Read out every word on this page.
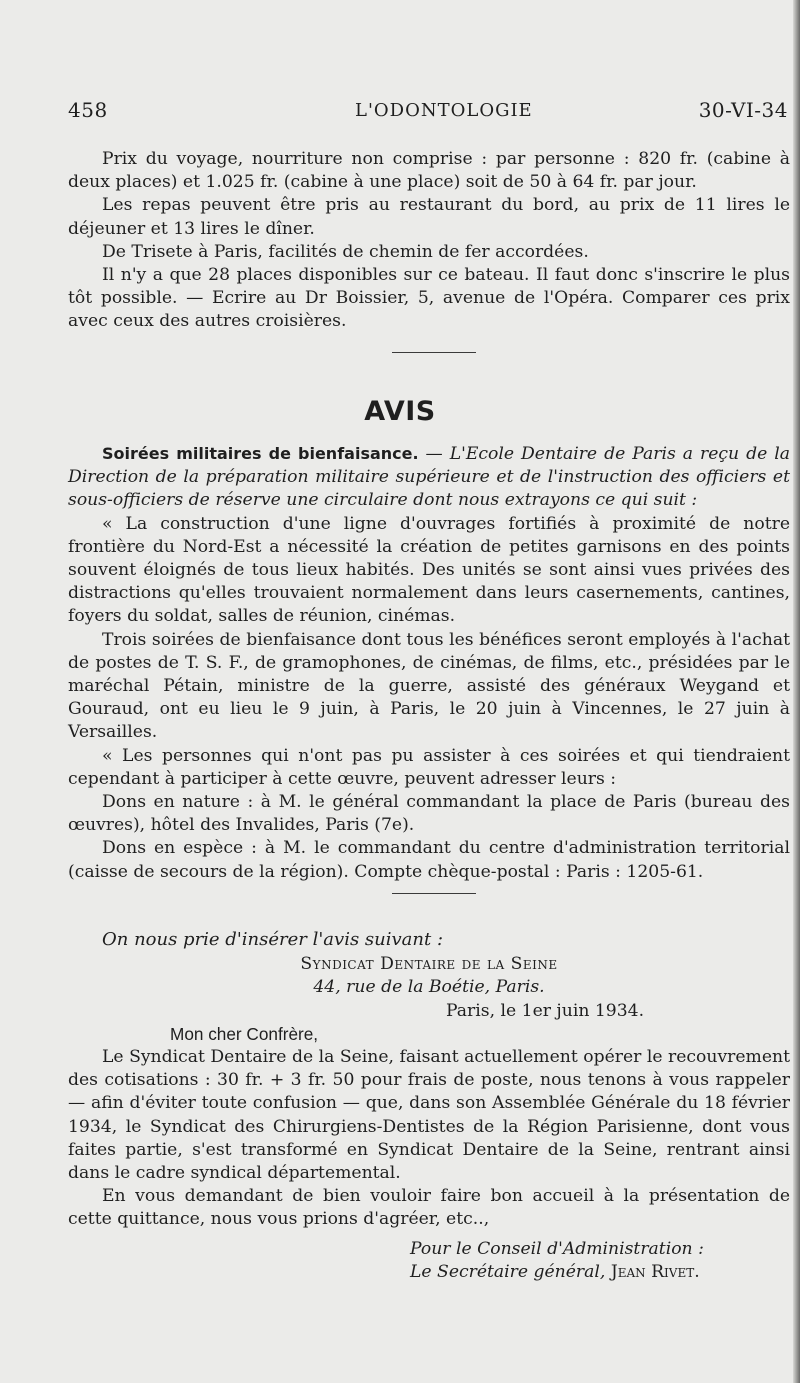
458	L'ODONTOLOGIE	30-VI-34

Prix du voyage, nourriture non comprise : par personne : 820 fr. (cabine à deux places) et 1.025 fr. (cabine à une place) soit de 50 à 64 fr. par jour.

Les repas peuvent être pris au restaurant du bord, au prix de 11 lires le déjeuner et 13 lires le dîner.

De Trisete à Paris, facilités de chemin de fer accordées.

Il n'y a que 28 places disponibles sur ce bateau. Il faut donc s'inscrire le plus tôt possible. — Ecrire au Dr Boissier, 5, avenue de l'Opéra. Comparer ces prix avec ceux des autres croisières.

AVIS

Soirées militaires de bienfaisance. — L'Ecole Dentaire de Paris a reçu de la Direction de la préparation militaire supérieure et de l'instruction des officiers et sous-officiers de réserve une circulaire dont nous extrayons ce qui suit :

« La construction d'une ligne d'ouvrages fortifiés à proximité de notre frontière du Nord-Est a nécessité la création de petites garnisons en des points souvent éloignés de tous lieux habités. Des unités se sont ainsi vues privées des distractions qu'elles trouvaient normalement dans leurs casernements, cantines, foyers du soldat, salles de réunion, cinémas.

Trois soirées de bienfaisance dont tous les bénéfices seront employés à l'achat de postes de T. S. F., de gramophones, de cinémas, de films, etc., présidées par le maréchal Pétain, ministre de la guerre, assisté des généraux Weygand et Gouraud, ont eu lieu le 9 juin, à Paris, le 20 juin à Vincennes, le 27 juin à Versailles.

« Les personnes qui n'ont pas pu assister à ces soirées et qui tiendraient cependant à participer à cette œuvre, peuvent adresser leurs :

Dons en nature : à M. le général commandant la place de Paris (bureau des œuvres), hôtel des Invalides, Paris (7e).

Dons en espèce : à M. le commandant du centre d'administration territorial (caisse de secours de la région). Compte chèque-postal : Paris : 1205-61.

On nous prie d'insérer l'avis suivant :

Syndicat Dentaire de la Seine

44, rue de la Boétie, Paris.

Paris, le 1er juin 1934.

Mon cher Confrère,

Le Syndicat Dentaire de la Seine, faisant actuellement opérer le recouvrement des cotisations : 30 fr. + 3 fr. 50 pour frais de poste, nous tenons à vous rappeler — afin d'éviter toute confusion — que, dans son Assemblée Générale du 18 février 1934, le Syndicat des Chirurgiens-Dentistes de la Région Parisienne, dont vous faites partie, s'est transformé en Syndicat Dentaire de la Seine, rentrant ainsi dans le cadre syndical départemental.

En vous demandant de bien vouloir faire bon accueil à la présentation de cette quittance, nous vous prions d'agréer, etc..,

Pour le Conseil d'Administration :

Le Secrétaire général, Jean Rivet.
